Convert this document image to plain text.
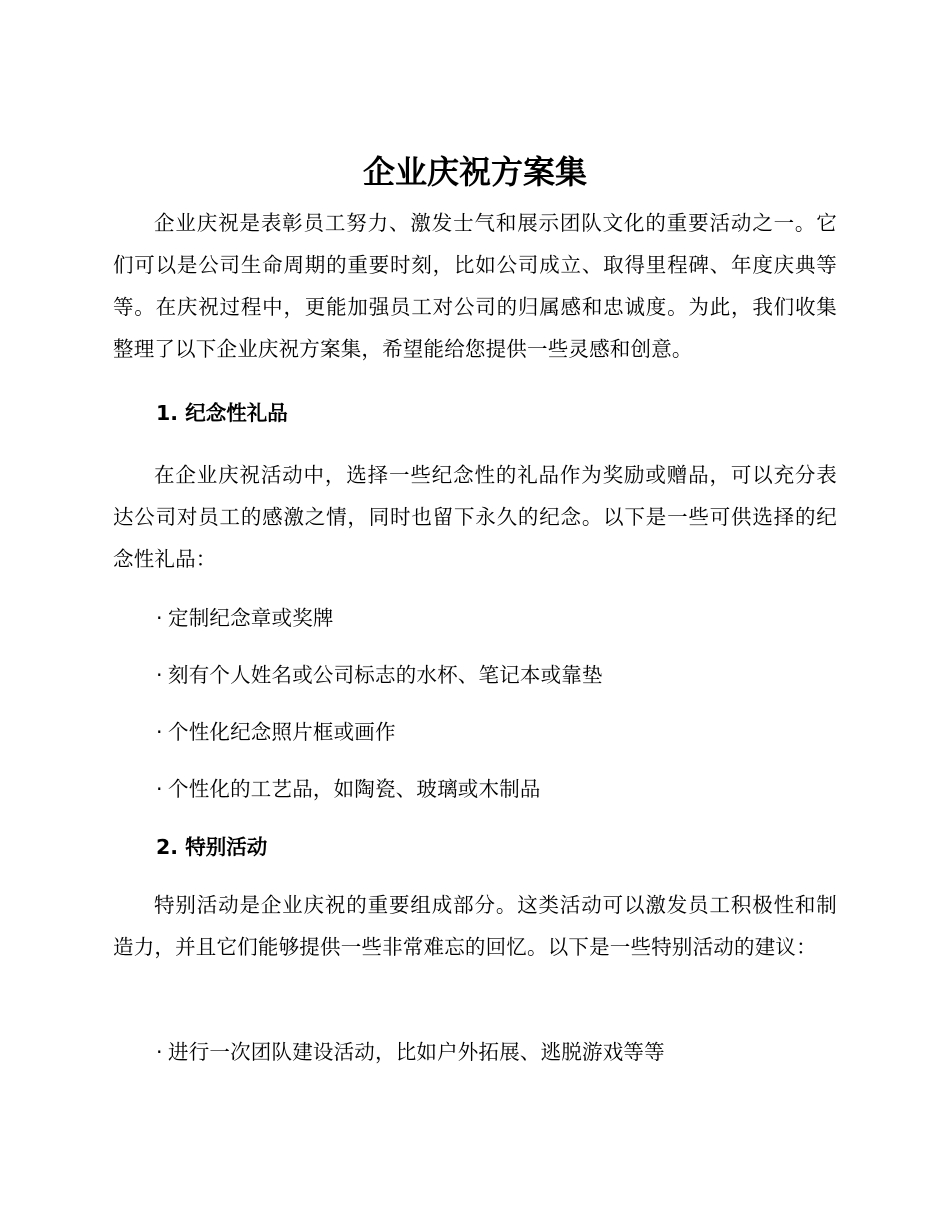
企业庆祝方案集

企业庆祝是表彰员工努力、激发士气和展示团队文化的重要活动之一。它们可以是公司生命周期的重要时刻，比如公司成立、取得里程碑、年度庆典等等。在庆祝过程中，更能加强员工对公司的归属感和忠诚度。为此，我们收集整理了以下企业庆祝方案集，希望能给您提供一些灵感和创意。

1. 纪念性礼品

在企业庆祝活动中，选择一些纪念性的礼品作为奖励或赠品，可以充分表达公司对员工的感激之情，同时也留下永久的纪念。以下是一些可供选择的纪念性礼品：

· 定制纪念章或奖牌
· 刻有个人姓名或公司标志的水杯、笔记本或靠垫
· 个性化纪念照片框或画作
· 个性化的工艺品，如陶瓷、玻璃或木制品
2. 特别活动

特别活动是企业庆祝的重要组成部分。这类活动可以激发员工积极性和制造力，并且它们能够提供一些非常难忘的回忆。以下是一些特别活动的建议：

· 进行一次团队建设活动，比如户外拓展、逃脱游戏等等
